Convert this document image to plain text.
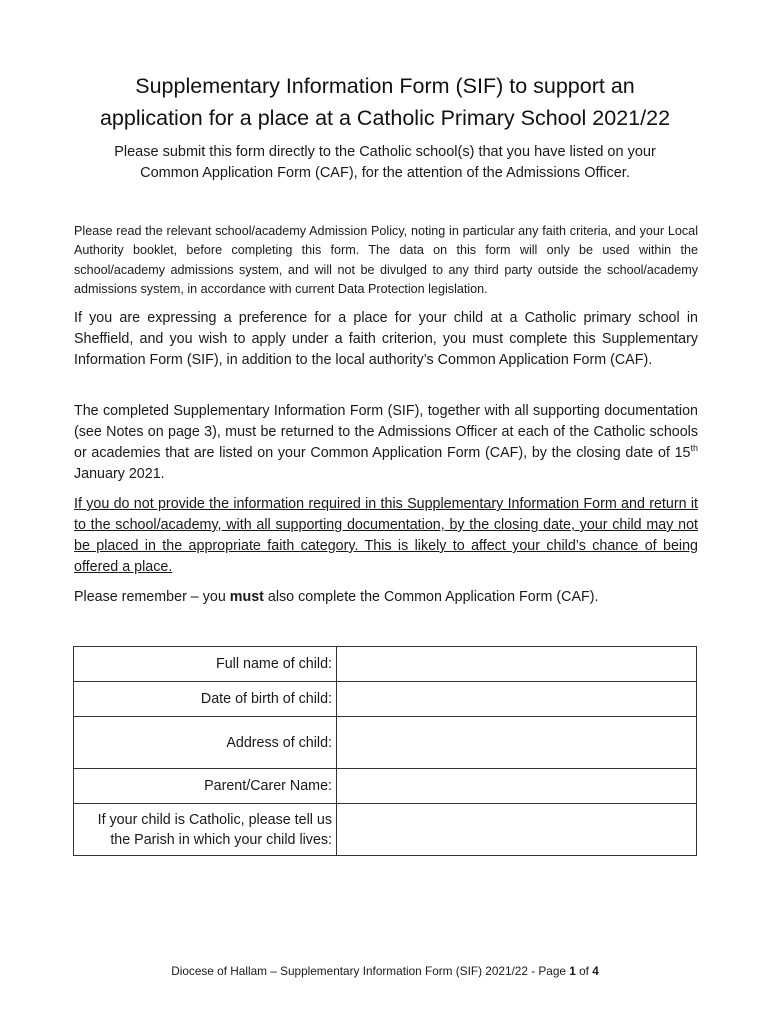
Supplementary Information Form (SIF) to support an
application for a place at a Catholic Primary School 2021/22
Please submit this form directly to the Catholic school(s) that you have listed on your
Common Application Form (CAF), for the attention of the Admissions Officer.
Please read the relevant school/academy Admission Policy, noting in particular any faith criteria, and your Local Authority booklet, before completing this form. The data on this form will only be used within the school/academy admissions system, and will not be divulged to any third party outside the school/academy admissions system, in accordance with current Data Protection legislation.
If you are expressing a preference for a place for your child at a Catholic primary school in Sheffield, and you wish to apply under a faith criterion, you must complete this Supplementary Information Form (SIF), in addition to the local authority’s Common Application Form (CAF).
The completed Supplementary Information Form (SIF), together with all supporting documentation (see Notes on page 3), must be returned to the Admissions Officer at each of the Catholic schools or academies that are listed on your Common Application Form (CAF), by the closing date of 15th January 2021.
If you do not provide the information required in this Supplementary Information Form and return it to the school/academy, with all supporting documentation, by the closing date, your child may not be placed in the appropriate faith category. This is likely to affect your child’s chance of being offered a place.
Please remember – you must also complete the Common Application Form (CAF).
Full name of child:	
Date of birth of child:	
Address of child:	
Parent/Carer Name:	

If your child is Catholic, please tell us
the Parish in which your child lives:	

Diocese of Hallam – Supplementary Information Form (SIF) 2021/22 - Page 1 of 4
